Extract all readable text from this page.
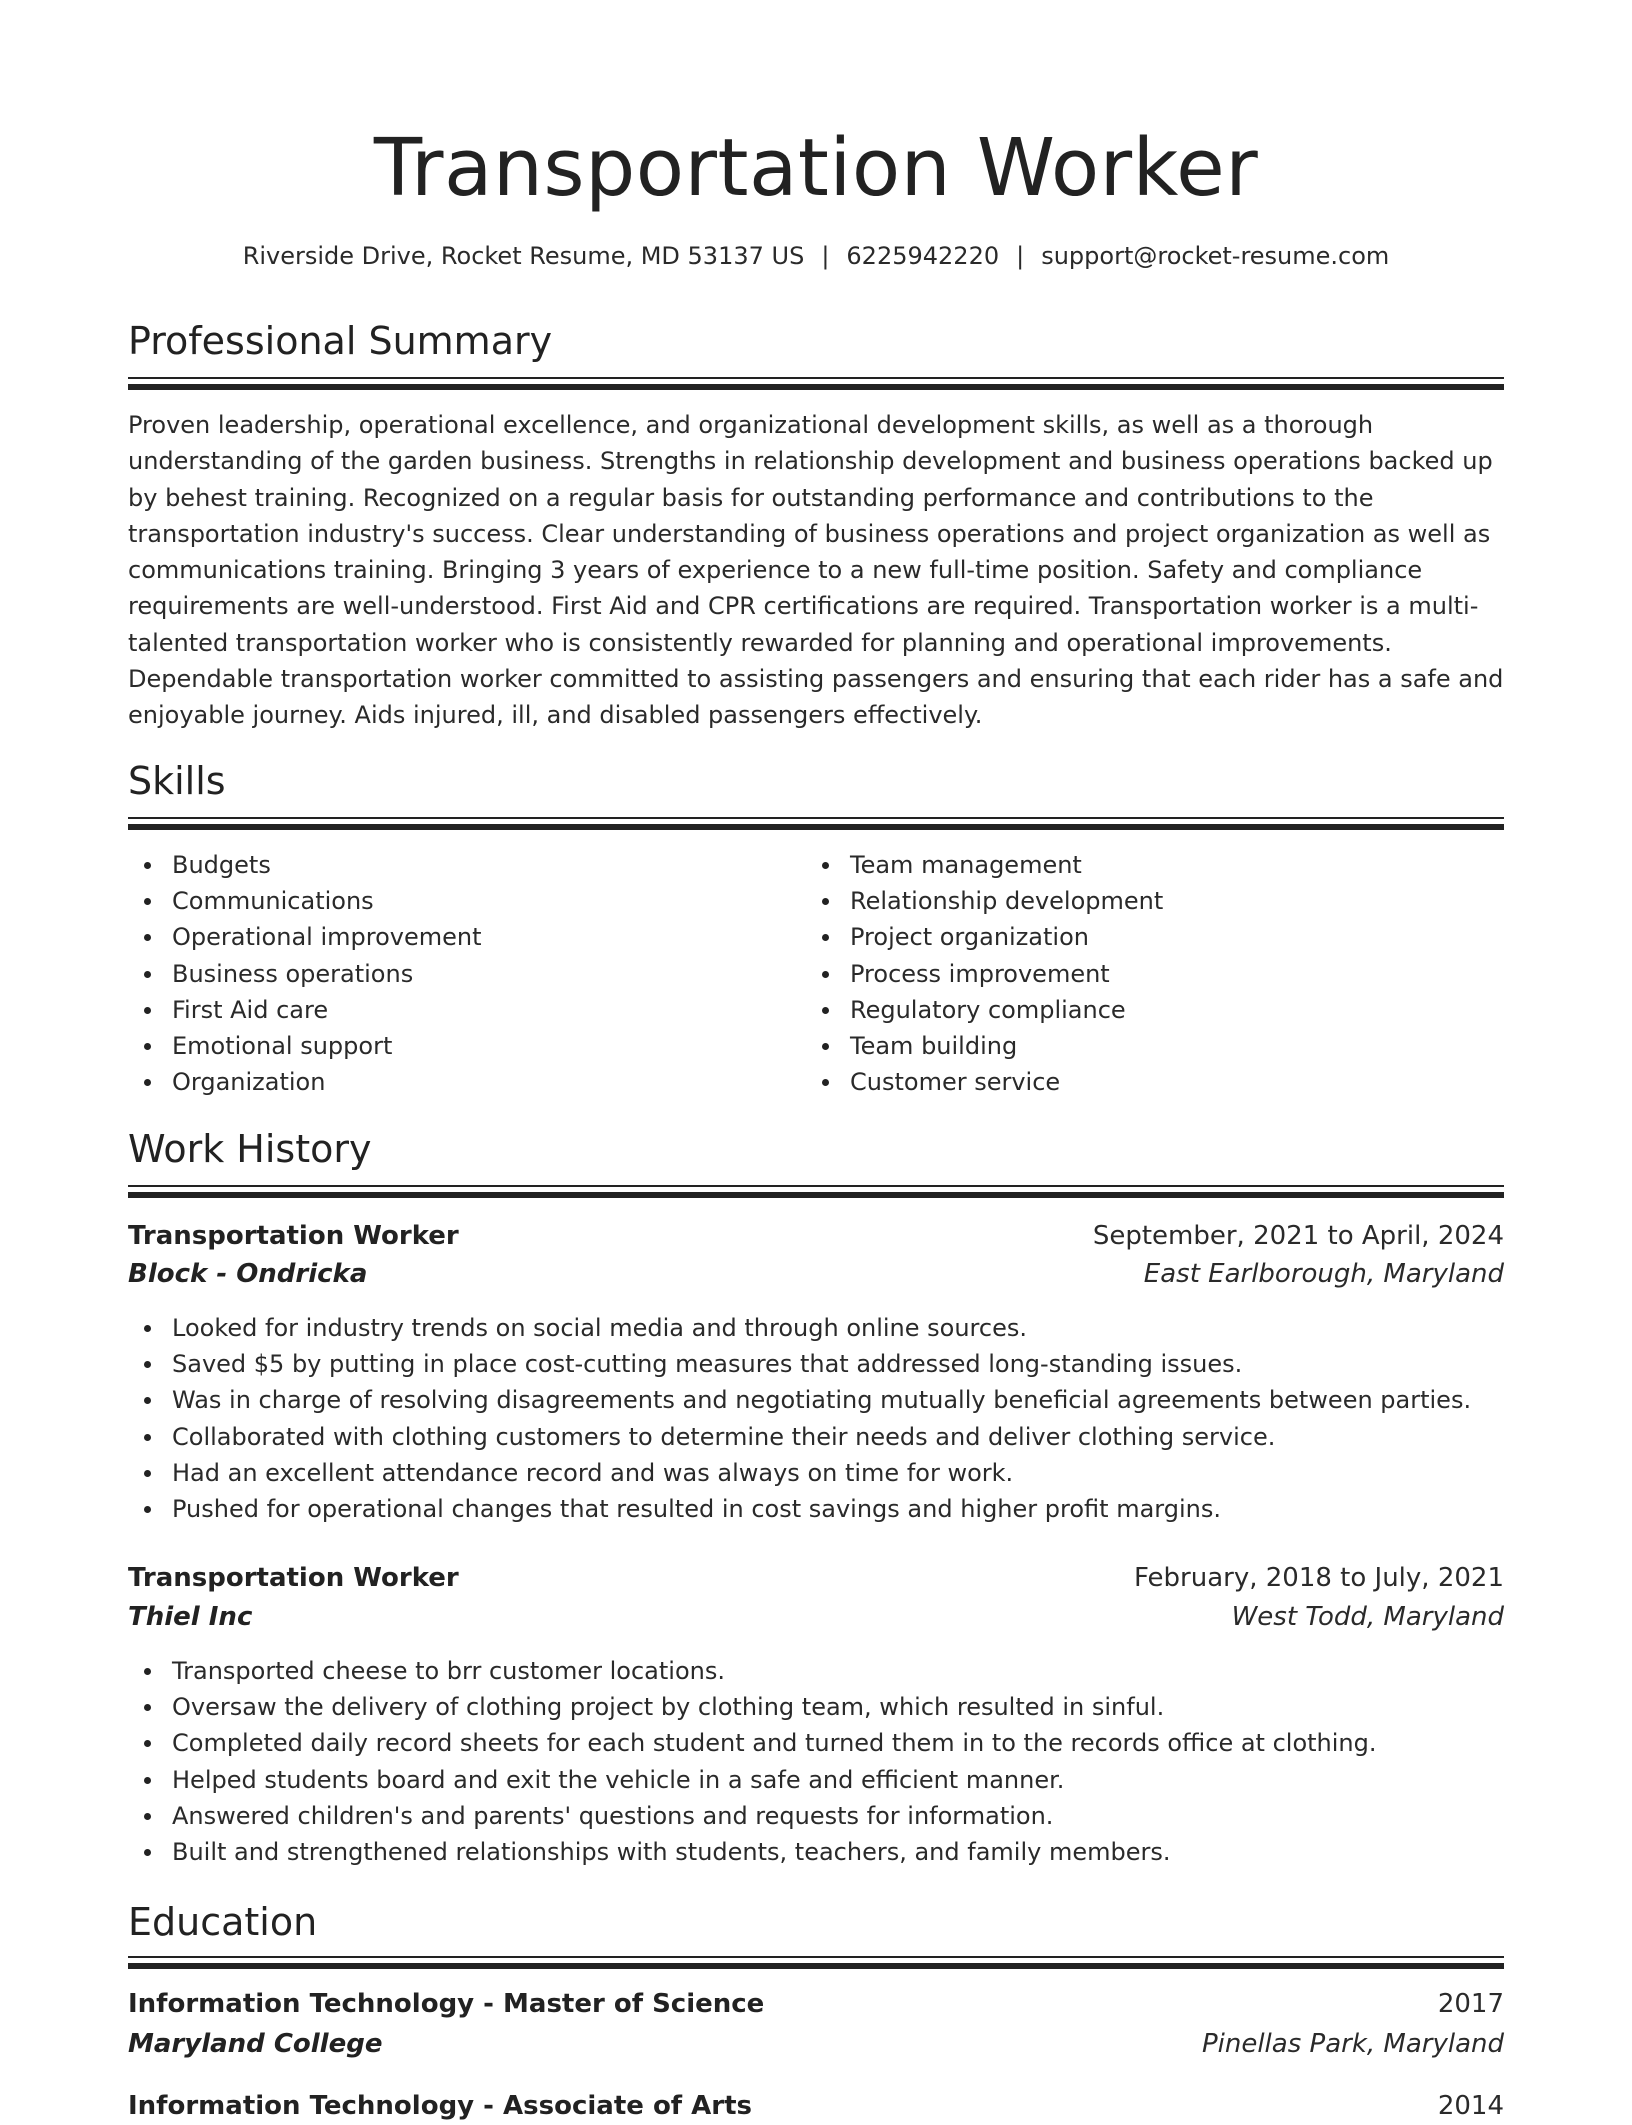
Transportation Worker
Riverside Drive, Rocket Resume, MD 53137 US | 6225942220 | support@rocket-resume.com
Professional Summary

Proven leadership, operational excellence, and organizational development skills, as well as a thorough understanding of the garden business. Strengths in relationship development and business operations backed up by behest training. Recognized on a regular basis for outstanding performance and contributions to the transportation industry's success. Clear understanding of business operations and project organization as well as communications training. Bringing 3 years of experience to a new full-time position. Safety and compliance requirements are well-understood. First Aid and CPR certifications are required. Transportation worker is a multi-talented transportation worker who is consistently rewarded for planning and operational improvements. Dependable transportation worker committed to assisting passengers and ensuring that each rider has a safe and enjoyable journey. Aids injured, ill, and disabled passengers effectively.

Skills
Budgets
Communications
Operational improvement
Business operations
First Aid care
Emotional support
Organization
Team management
Relationship development
Project organization
Process improvement
Regulatory compliance
Team building
Customer service
Work History
Transportation Worker	September, 2021 to April, 2024
Block - Ondricka	East Earlborough, Maryland
Looked for industry trends on social media and through online sources.
Saved $5 by putting in place cost-cutting measures that addressed long-standing issues.
Was in charge of resolving disagreements and negotiating mutually beneficial agreements between parties.
Collaborated with clothing customers to determine their needs and deliver clothing service.
Had an excellent attendance record and was always on time for work.
Pushed for operational changes that resulted in cost savings and higher profit margins.
Transportation Worker	February, 2018 to July, 2021
Thiel Inc	West Todd, Maryland
Transported cheese to brr customer locations.
Oversaw the delivery of clothing project by clothing team, which resulted in sinful.
Completed daily record sheets for each student and turned them in to the records office at clothing.
Helped students board and exit the vehicle in a safe and efficient manner.
Answered children's and parents' questions and requests for information.
Built and strengthened relationships with students, teachers, and family members.
Education
Information Technology - Master of Science	2017
Maryland College	Pinellas Park, Maryland
Information Technology - Associate of Arts	2014
